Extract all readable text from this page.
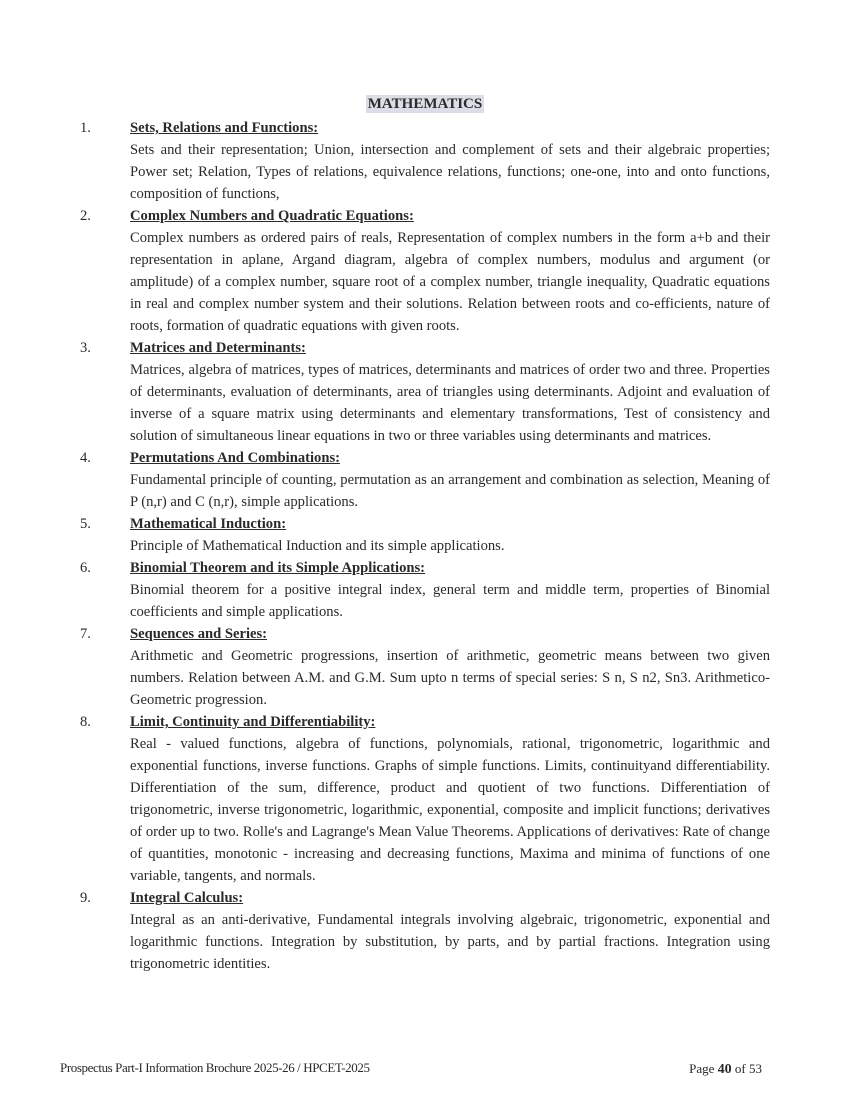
MATHEMATICS
1.	Sets, Relations and Functions:
Sets and their representation; Union, intersection and complement of sets and their algebraic properties; Power set; Relation, Types of relations, equivalence relations, functions; one-one, into and onto functions, composition of functions,
2.	Complex Numbers and Quadratic Equations:
Complex numbers as ordered pairs of reals, Representation of complex numbers in the form a+b and their representation in aplane, Argand diagram, algebra of complex numbers, modulus and argument (or amplitude) of a complex number, square root of a complex number, triangle inequality, Quadratic equations in real and complex number system and their solutions. Relation between roots and co-efficients, nature of roots, formation of quadratic equations with given roots.
3.	Matrices and Determinants:
Matrices, algebra of matrices, types of matrices, determinants and matrices of order two and three. Properties of determinants, evaluation of determinants, area of triangles using determinants. Adjoint and evaluation of inverse of a square matrix using determinants and elementary transformations, Test of consistency and solution of simultaneous linear equations in two or three variables using determinants and matrices.
4.	Permutations And Combinations:
Fundamental principle of counting, permutation as an arrangement and combination as selection, Meaning of P (n,r) and C (n,r), simple applications.
5.	Mathematical Induction:
Principle of Mathematical Induction and its simple applications.
6.	Binomial Theorem and its Simple Applications:
Binomial theorem for a positive integral index, general term and middle term, properties of Binomial coefficients and simple applications.
7.	Sequences and Series:
Arithmetic and Geometric progressions, insertion of arithmetic, geometric means between two given numbers. Relation between A.M. and G.M. Sum upto n terms of special series: S n, S n2, Sn3. Arithmetico-Geometric progression.
8.	Limit, Continuity and Differentiability:
Real - valued functions, algebra of functions, polynomials, rational, trigonometric, logarithmic and exponential functions, inverse functions. Graphs of simple functions. Limits, continuityand differentiability. Differentiation of the sum, difference, product and quotient of two functions. Differentiation of trigonometric, inverse trigonometric, logarithmic, exponential, composite and implicit functions; derivatives of order up to two. Rolle's and Lagrange's Mean Value Theorems. Applications of derivatives: Rate of change of quantities, monotonic - increasing and decreasing functions, Maxima and minima of functions of one variable, tangents, and normals.
9.	Integral Calculus:
Integral as an anti-derivative, Fundamental integrals involving algebraic, trigonometric, exponential and logarithmic functions. Integration by substitution, by parts, and by partial fractions. Integration using trigonometric identities.
Prospectus Part-I Information Brochure 2025-26 / HPCET-2025	Page 40 of 53
